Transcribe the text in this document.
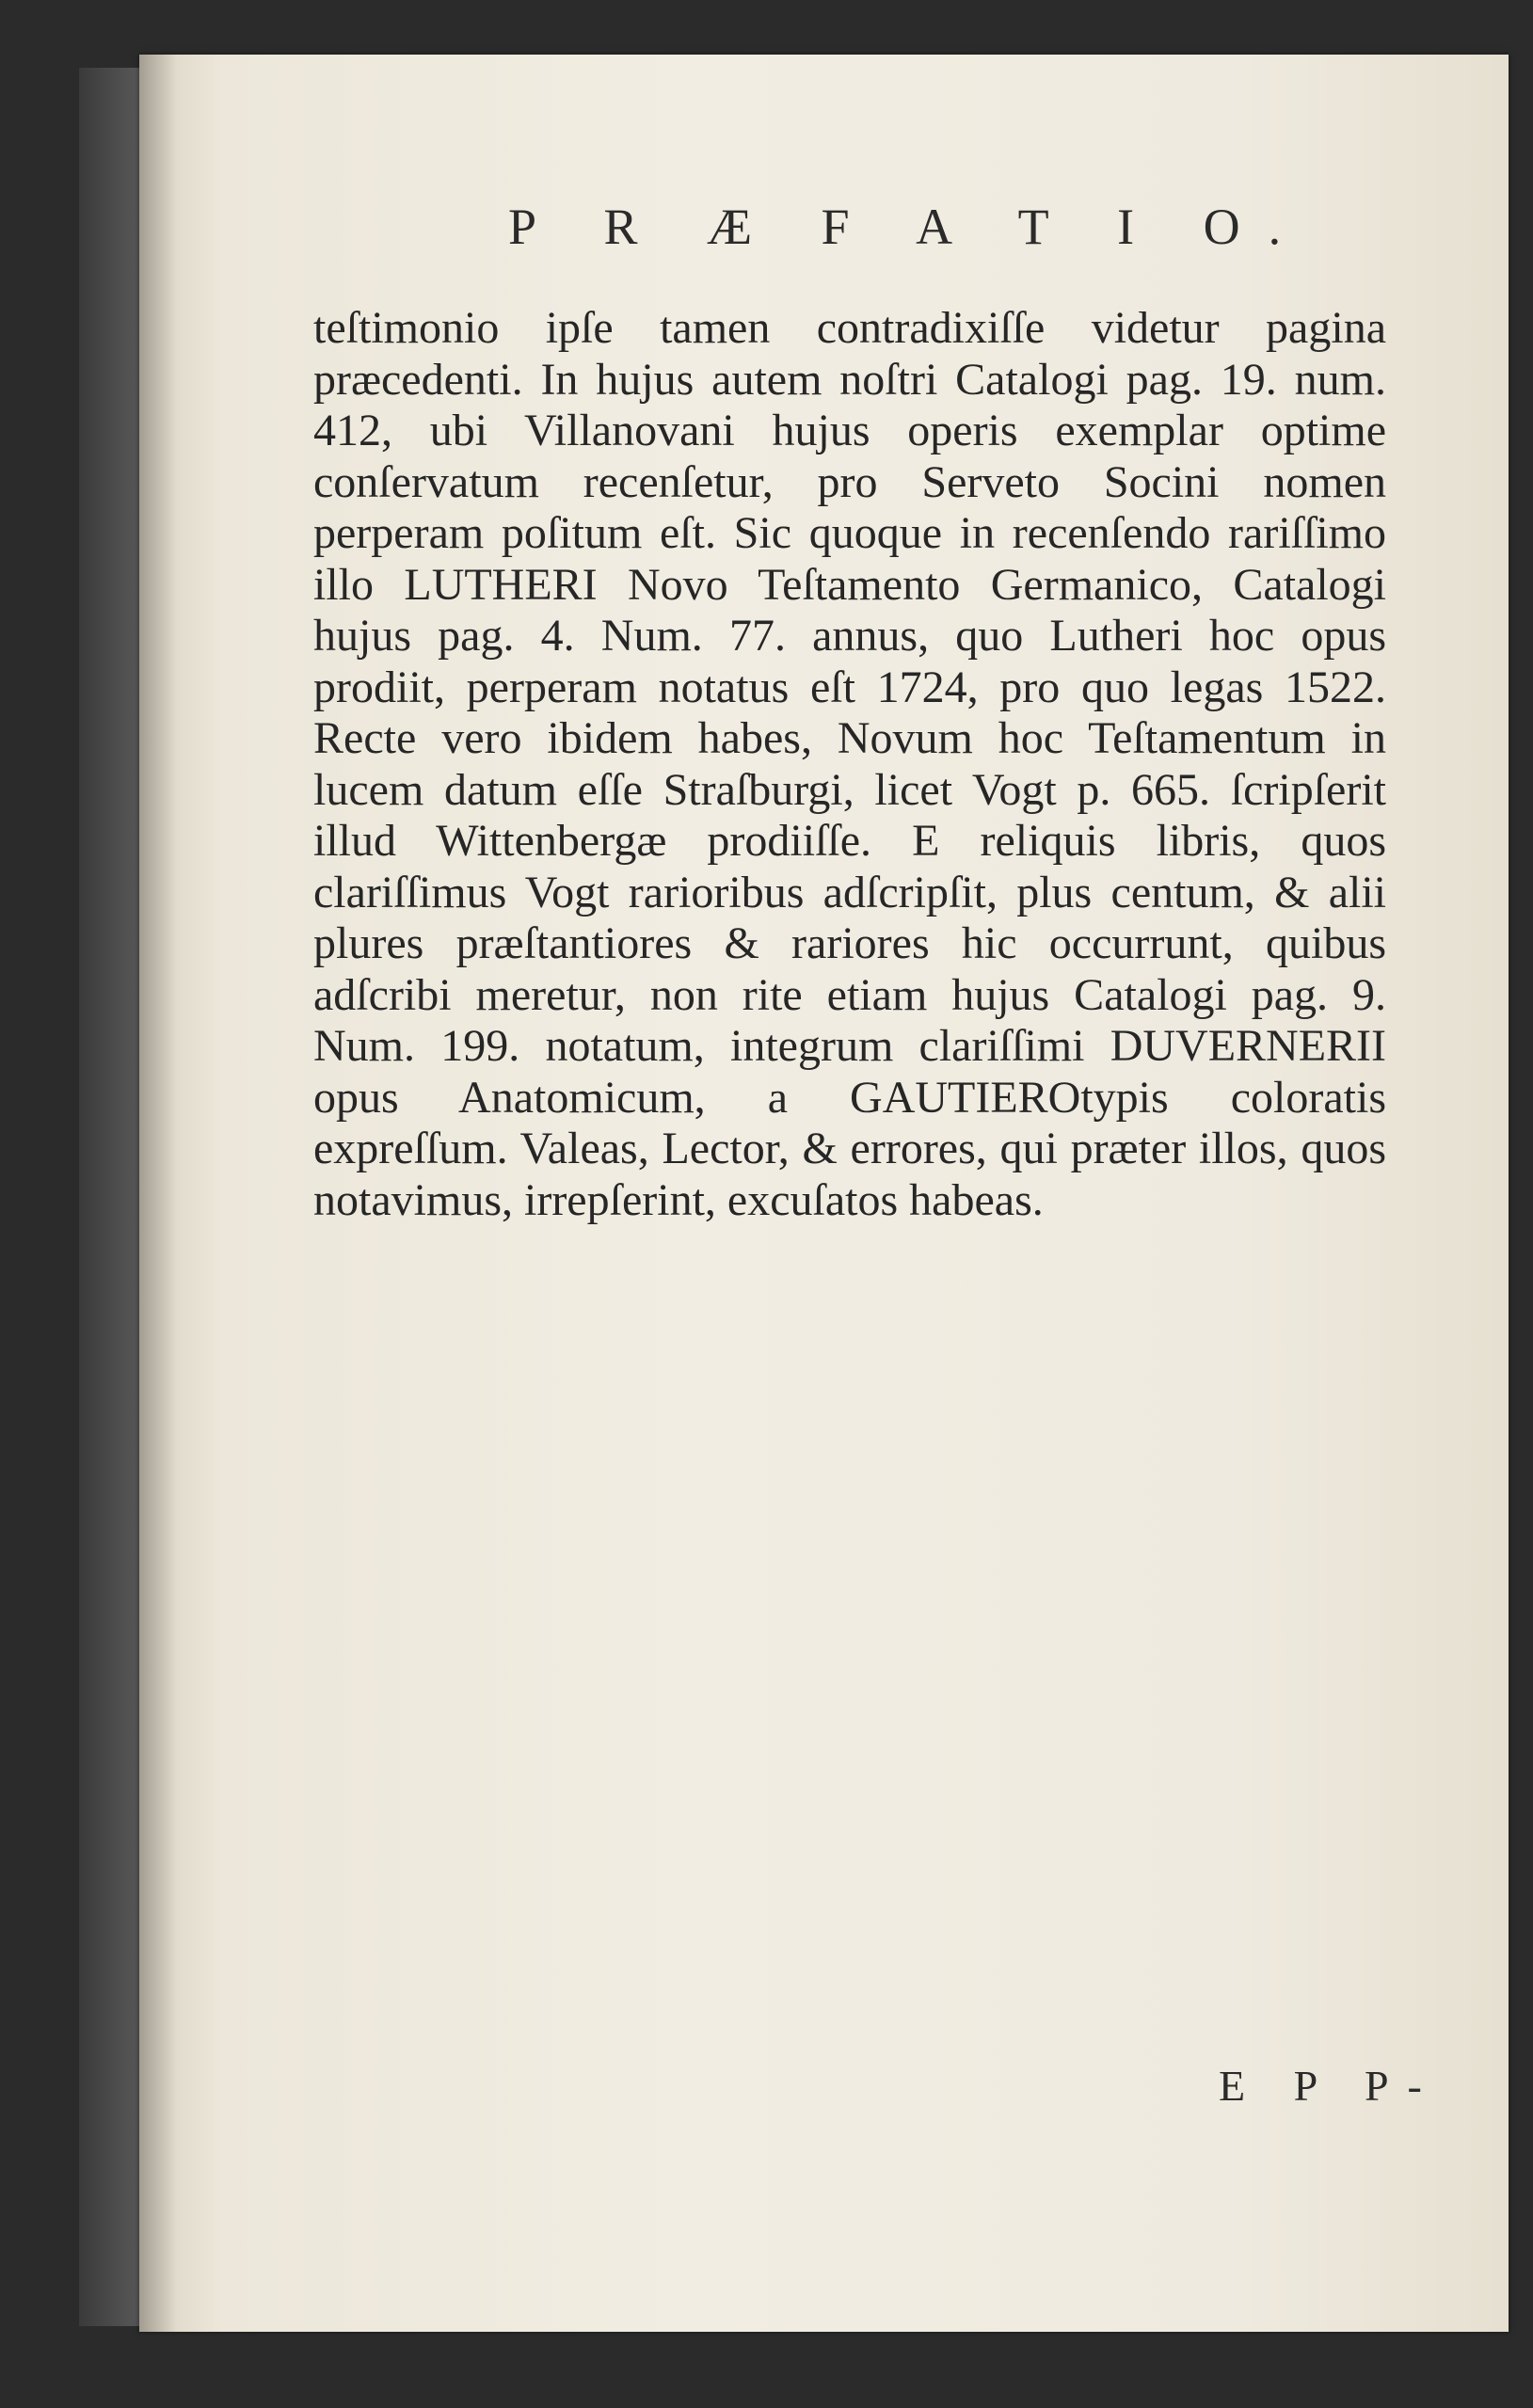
P R Æ F A T I O.

teſtimonio ipſe tamen contradixiſſe videtur pagina præcedenti. In hujus autem noſtri Catalogi pag. 19. num. 412, ubi Villanovani hujus operis exemplar optime conſervatum recenſetur, pro Serveto Socini nomen perperam poſitum eſt. Sic quoque in recenſendo rariſſimo illo LUTHERI Novo Teſtamento Germanico, Catalogi hujus pag. 4. Num. 77. annus, quo Lutheri hoc opus prodiit, perperam notatus eſt 1724, pro quo legas 1522. Recte vero ibidem habes, Novum hoc Teſtamentum in lucem datum eſſe Straſburgi, licet Vogt p. 665. ſcripſerit illud Wittenbergæ prodiiſſe. E reliquis libris, quos clariſſimus Vogt rarioribus adſcripſit, plus centum, & alii plures præſtantiores & rariores hic occurrunt, quibus adſcribi meretur, non rite etiam hujus Catalogi pag. 9. Num. 199. notatum, integrum clariſſimi DUVERNERII opus Anatomicum, a GAUTIEROtypis coloratis expreſſum. Valeas, Lector, & errores, qui præter illos, quos notavimus, irrepſerint, excuſatos habeas.

E P P-
